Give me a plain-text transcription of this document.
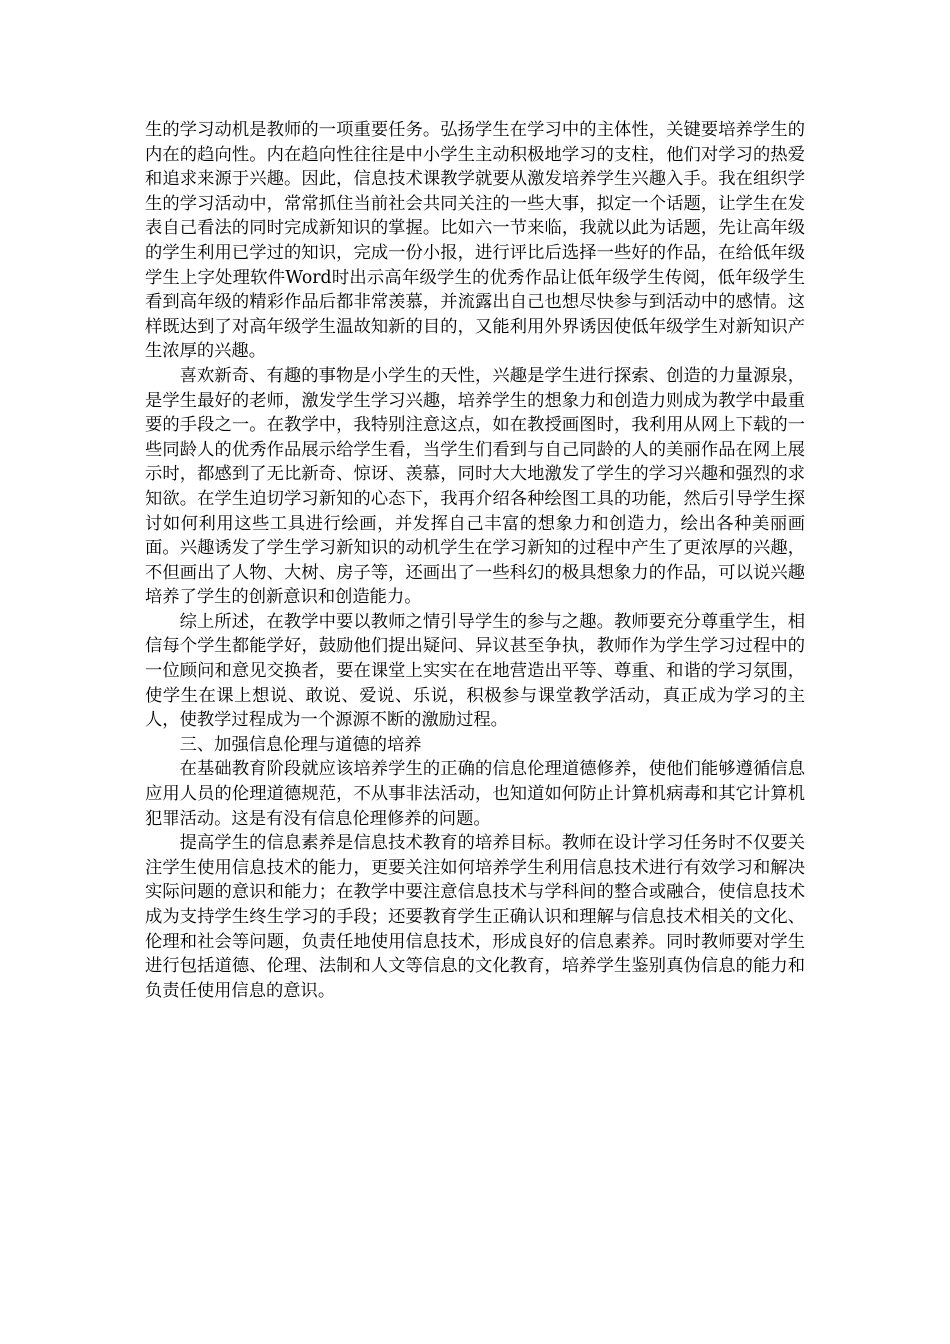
生的学习动机是教师的一项重要任务。弘扬学生在学习中的主体性，关键要培养学生的内在的趋向性。内在趋向性往往是中小学生主动积极地学习的支柱，他们对学习的热爱和追求来源于兴趣。因此，信息技术课教学就要从激发培养学生兴趣入手。我在组织学生的学习活动中，常常抓住当前社会共同关注的一些大事，拟定一个话题，让学生在发表自己看法的同时完成新知识的掌握。比如六一节来临，我就以此为话题，先让高年级的学生利用已学过的知识，完成一份小报，进行评比后选择一些好的作品，在给低年级学生上字处理软件Word时出示高年级学生的优秀作品让低年级学生传阅，低年级学生看到高年级的精彩作品后都非常羡慕，并流露出自己也想尽快参与到活动中的感情。这样既达到了对高年级学生温故知新的目的，又能利用外界诱因使低年级学生对新知识产生浓厚的兴趣。

喜欢新奇、有趣的事物是小学生的天性，兴趣是学生进行探索、创造的力量源泉，是学生最好的老师，激发学生学习兴趣，培养学生的想象力和创造力则成为教学中最重要的手段之一。在教学中，我特别注意这点，如在教授画图时，我利用从网上下载的一些同龄人的优秀作品展示给学生看，当学生们看到与自己同龄的人的美丽作品在网上展示时，都感到了无比新奇、惊讶、羡慕，同时大大地激发了学生的学习兴趣和强烈的求知欲。在学生迫切学习新知的心态下，我再介绍各种绘图工具的功能，然后引导学生探讨如何利用这些工具进行绘画，并发挥自己丰富的想象力和创造力，绘出各种美丽画面。兴趣诱发了学生学习新知识的动机学生在学习新知的过程中产生了更浓厚的兴趣，不但画出了人物、大树、房子等，还画出了一些科幻的极具想象力的作品，可以说兴趣培养了学生的创新意识和创造能力。

综上所述，在教学中要以教师之情引导学生的参与之趣。教师要充分尊重学生，相信每个学生都能学好，鼓励他们提出疑问、异议甚至争执，教师作为学生学习过程中的一位顾问和意见交换者，要在课堂上实实在在地营造出平等、尊重、和谐的学习氛围，使学生在课上想说、敢说、爱说、乐说，积极参与课堂教学活动，真正成为学习的主人，使教学过程成为一个源源不断的激励过程。

三、加强信息伦理与道德的培养

在基础教育阶段就应该培养学生的正确的信息伦理道德修养，使他们能够遵循信息应用人员的伦理道德规范，不从事非法活动，也知道如何防止计算机病毒和其它计算机犯罪活动。这是有没有信息伦理修养的问题。

提高学生的信息素养是信息技术教育的培养目标。教师在设计学习任务时不仅要关注学生使用信息技术的能力，更要关注如何培养学生利用信息技术进行有效学习和解决实际问题的意识和能力；在教学中要注意信息技术与学科间的整合或融合，使信息技术成为支持学生终生学习的手段；还要教育学生正确认识和理解与信息技术相关的文化、伦理和社会等问题，负责任地使用信息技术，形成良好的信息素养。同时教师要对学生进行包括道德、伦理、法制和人文等信息的文化教育，培养学生鉴别真伪信息的能力和负责任使用信息的意识。
